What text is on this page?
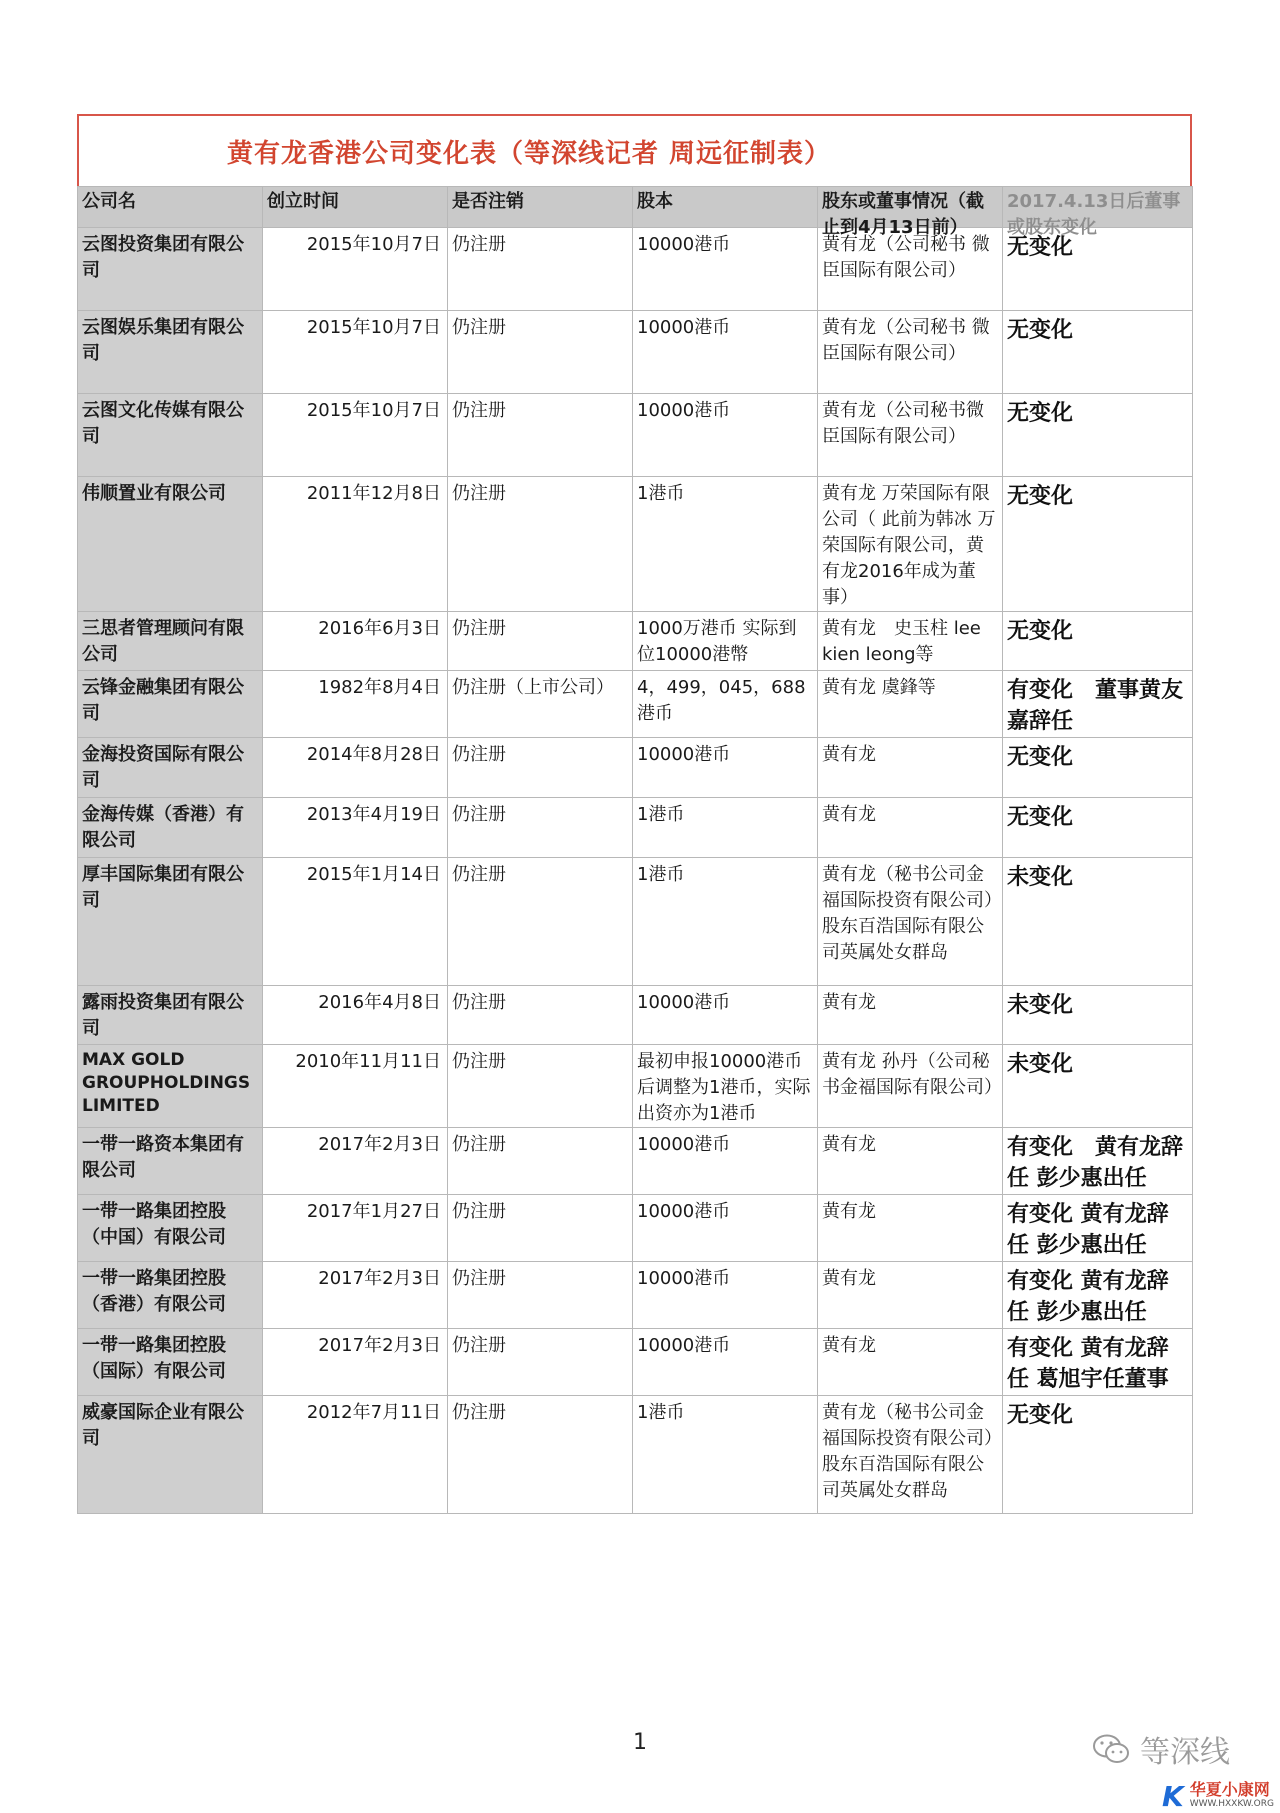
黄有龙香港公司变化表（等深线记者 周远征制表）
公司名	创立时间	是否注销	股本	股东或董事情况（截止到4月13日前）	2017.4.13日后董事或股东变化

云图投资集团有限公司	2015年10月7日	仍注册	10000港币	黄有龙（公司秘书 微臣国际有限公司）	无变化
云图娱乐集团有限公司	2015年10月7日	仍注册	10000港币	黄有龙（公司秘书 微臣国际有限公司）	无变化
云图文化传媒有限公司	2015年10月7日	仍注册	10000港币	黄有龙（公司秘书微臣国际有限公司）	无变化
伟顺置业有限公司	2011年12月8日	仍注册	1港币	黄有龙 万荣国际有限公司（ 此前为韩冰 万荣国际有限公司，黄有龙2016年成为董事）	无变化
三思者管理顾问有限公司	2016年6月3日	仍注册	1000万港币 实际到位10000港幣	黄有龙　史玉柱 lee kien leong等	无变化
云锋金融集团有限公司	1982年8月4日	仍注册（上市公司）	4，499，045，688港币	黄有龙 虞鋒等	有变化　董事黄友嘉辞任
金海投资国际有限公司	2014年8月28日	仍注册	10000港币	黄有龙	无变化
金海传媒（香港）有限公司	2013年4月19日	仍注册	1港币	黄有龙	无变化
厚丰国际集团有限公司	2015年1月14日	仍注册	1港币	黄有龙（秘书公司金福国际投资有限公司）股东百浩国际有限公司英属处女群岛	未变化
露雨投资集团有限公司	2016年4月8日	仍注册	10000港币	黄有龙	未变化
MAX GOLD GROUPHOLDINGS LIMITED	2010年11月11日	仍注册	最初申报10000港币后调整为1港币，实际出资亦为1港币	黄有龙 孙丹（公司秘书金福国际有限公司）	未变化
一带一路资本集团有限公司	2017年2月3日	仍注册	10000港币	黄有龙	有变化　黄有龙辞任 彭少惠出任
一带一路集团控股（中国）有限公司	2017年1月27日	仍注册	10000港币	黄有龙	有变化 黄有龙辞任 彭少惠出任
一带一路集团控股（香港）有限公司	2017年2月3日	仍注册	10000港币	黄有龙	有变化 黄有龙辞任 彭少惠出任
一带一路集团控股（国际）有限公司	2017年2月3日	仍注册	10000港币	黄有龙	有变化 黄有龙辞任 葛旭宇任董事
威豪国际企业有限公司	2012年7月11日	仍注册	1港币	黄有龙（秘书公司金福国际投资有限公司）股东百浩国际有限公司英属处女群岛	无变化
1	等深线
K 华夏小康网
WWW.HXXKW.ORG
